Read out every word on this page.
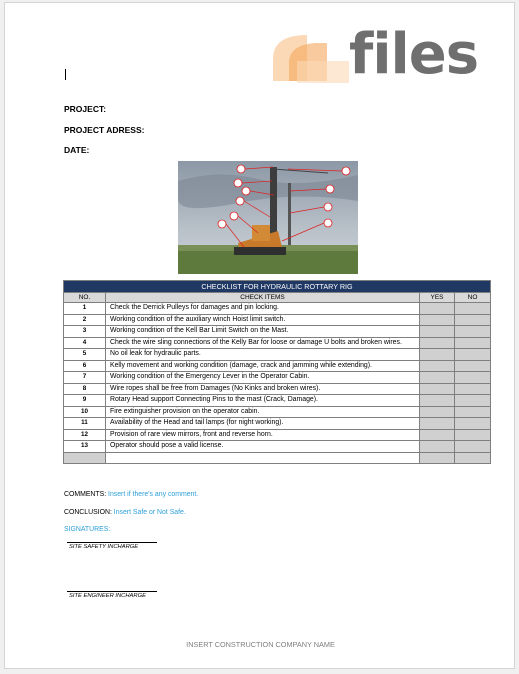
files
PROJECT:
PROJECT ADRESS:
DATE:
CHECKLIST FOR HYDRAULIC ROTTARY RIG			
NO.	CHECK ITEMS	YES	NO
1	Check the Derrick Pulleys for damages and pin locking.		
2	Working condition of the auxiliary winch Hoist limit switch.		
3	Working condition of the Kell Bar Limit Switch on the Mast.		
4	Check the wire sling connections of the Kelly Bar for loose or damage U bolts and broken wires.		
5	No oil leak for hydraulic parts.		
6	Kelly movement and working condition (damage, crack and jamming while extending).		
7	Working condition of the Emergency Lever in the Operator Cabin.		
8	Wire ropes shall be free from Damages (No Kinks and broken wires).		
9	Rotary Head support Connecting Pins to the mast (Crack, Damage).		
10	Fire extinguisher provision on the operator cabin.		
11	Availability of the Head and tail lamps (for night working).		
12	Provision of rare view mirrors, front and reverse horn.		
13	Operator should pose a valid license.		

COMMENTS: Insert if there's any comment.
CONCLUSION: Insert Safe or Not Safe.
SIGNATURES:
SITE SAFETY INCHARGE
SITE ENGINEER INCHARGE
INSERT CONSTRUCTION COMPANY NAME
